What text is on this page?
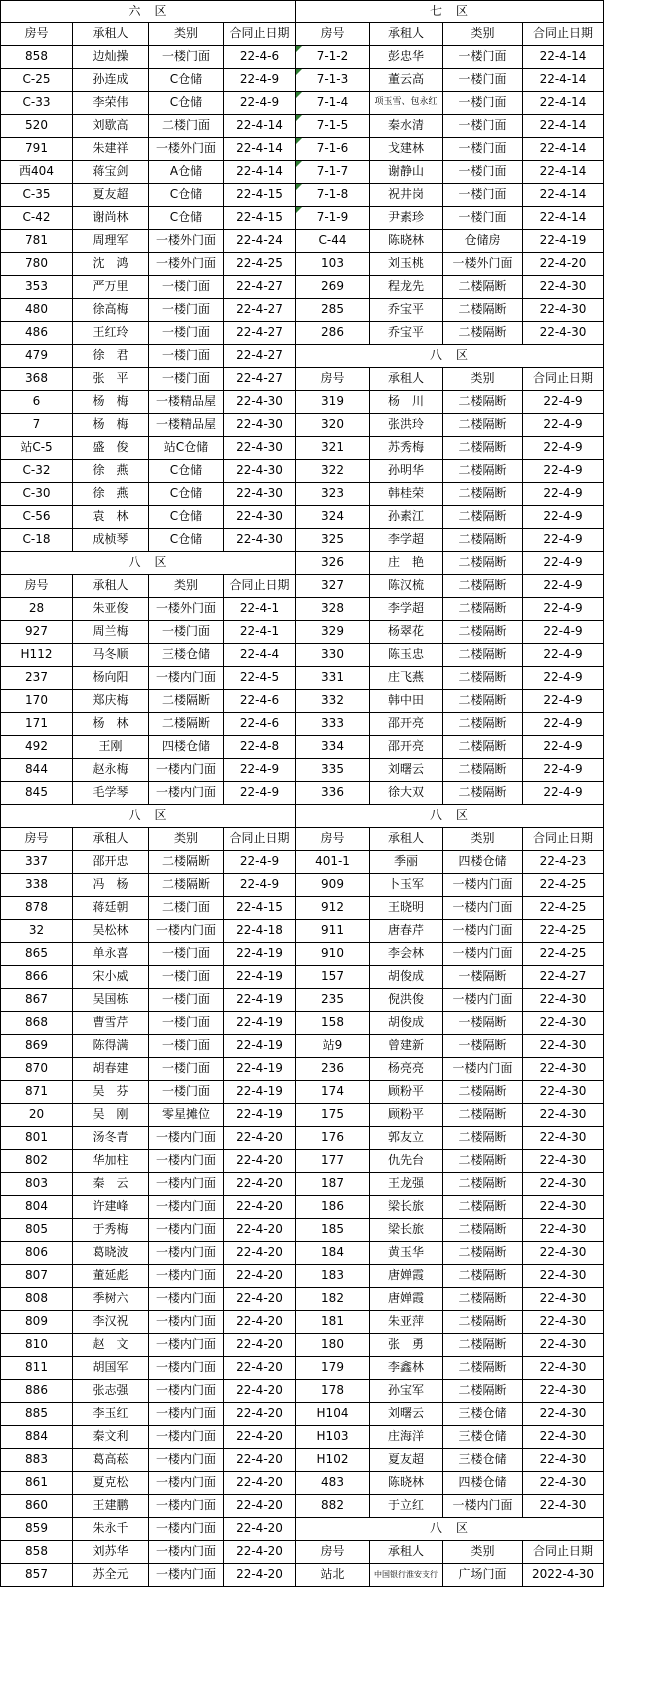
六　区	七　区
房号	承租人	类别	合同止日期	房号	承租人	类别	合同止日期
858	边灿操	一楼门面	22-4-6	7-1-2	彭忠华	一楼门面	22-4-14
C-25	孙连成	C仓储	22-4-9	7-1-3	董云高	一楼门面	22-4-14
C-33	李荣伟	C仓储	22-4-9	7-1-4	项玉雪、包永红	一楼门面	22-4-14
520	刘歇高	二楼门面	22-4-14	7-1-5	秦水清	一楼门面	22-4-14
791	朱建祥	一楼外门面	22-4-14	7-1-6	戈建林	一楼门面	22-4-14
西404	蒋宝剑	A仓储	22-4-14	7-1-7	谢静山	一楼门面	22-4-14
C-35	夏友超	C仓储	22-4-15	7-1-8	祝井岗	一楼门面	22-4-14
C-42	谢尚林	C仓储	22-4-15	7-1-9	尹素珍	一楼门面	22-4-14
781	周理军	一楼外门面	22-4-24	C-44	陈晓林	仓储房	22-4-19
780	沈　鸿	一楼外门面	22-4-25	103	刘玉桃	一楼外门面	22-4-20
353	严万里	一楼门面	22-4-27	269	程龙先	二楼隔断	22-4-30
480	徐高梅	一楼门面	22-4-27	285	乔宝平	二楼隔断	22-4-30
486	王红玲	一楼门面	22-4-27	286	乔宝平	二楼隔断	22-4-30
479	徐　君	一楼门面	22-4-27	八　区
368	张　平	一楼门面	22-4-27	房号	承租人	类别	合同止日期
6	杨　梅	一楼精品屋	22-4-30	319	杨　川	二楼隔断	22-4-9
7	杨　梅	一楼精品屋	22-4-30	320	张洪玲	二楼隔断	22-4-9
站C-5	盛　俊	站C仓储	22-4-30	321	苏秀梅	二楼隔断	22-4-9
C-32	徐　燕	C仓储	22-4-30	322	孙明华	二楼隔断	22-4-9
C-30	徐　燕	C仓储	22-4-30	323	韩桂荣	二楼隔断	22-4-9
C-56	袁　林	C仓储	22-4-30	324	孙素江	二楼隔断	22-4-9
C-18	成桢琴	C仓储	22-4-30	325	李学超	二楼隔断	22-4-9
八　区	326	庄　艳	二楼隔断	22-4-9
房号	承租人	类别	合同止日期	327	陈汉梳	二楼隔断	22-4-9
28	朱亚俊	一楼外门面	22-4-1	328	李学超	二楼隔断	22-4-9
927	周兰梅	一楼门面	22-4-1	329	杨翠花	二楼隔断	22-4-9
H112	马冬顺	三楼仓储	22-4-4	330	陈玉忠	二楼隔断	22-4-9
237	杨向阳	一楼内门面	22-4-5	331	庄飞燕	二楼隔断	22-4-9
170	郑庆梅	二楼隔断	22-4-6	332	韩中田	二楼隔断	22-4-9
171	杨　林	二楼隔断	22-4-6	333	邵开亮	二楼隔断	22-4-9
492	王刚	四楼仓储	22-4-8	334	邵开亮	二楼隔断	22-4-9
844	赵永梅	一楼内门面	22-4-9	335	刘曙云	二楼隔断	22-4-9
845	毛学琴	一楼内门面	22-4-9	336	徐大双	二楼隔断	22-4-9
八　区	八　区
房号	承租人	类别	合同止日期	房号	承租人	类别	合同止日期
337	邵开忠	二楼隔断	22-4-9	401-1	季丽	四楼仓储	22-4-23
338	冯　杨	二楼隔断	22-4-9	909	卜玉军	一楼内门面	22-4-25
878	蒋廷朝	二楼门面	22-4-15	912	王晓明	一楼内门面	22-4-25
32	吴松林	一楼内门面	22-4-18	911	唐春芹	一楼内门面	22-4-25
865	单永喜	一楼门面	22-4-19	910	李会林	一楼内门面	22-4-25
866	宋小威	一楼门面	22-4-19	157	胡俊成	一楼隔断	22-4-27
867	吴国栋	一楼门面	22-4-19	235	倪洪俊	一楼内门面	22-4-30
868	曹雪芹	一楼门面	22-4-19	158	胡俊成	一楼隔断	22-4-30
869	陈得满	一楼门面	22-4-19	站9	曾建新	一楼隔断	22-4-30
870	胡春建	一楼门面	22-4-19	236	杨亮亮	一楼内门面	22-4-30
871	吴　芬	一楼门面	22-4-19	174	顾粉平	二楼隔断	22-4-30
20	吴　刚	零星摊位	22-4-19	175	顾粉平	二楼隔断	22-4-30
801	汤冬青	一楼内门面	22-4-20	176	郭友立	二楼隔断	22-4-30
802	华加柱	一楼内门面	22-4-20	177	仇先台	二楼隔断	22-4-30
803	秦　云	一楼内门面	22-4-20	187	王龙强	二楼隔断	22-4-30
804	许建峰	一楼内门面	22-4-20	186	梁长旅	二楼隔断	22-4-30
805	于秀梅	一楼内门面	22-4-20	185	梁长旅	二楼隔断	22-4-30
806	葛晓波	一楼内门面	22-4-20	184	黄玉华	二楼隔断	22-4-30
807	董延彪	一楼内门面	22-4-20	183	唐婵霞	二楼隔断	22-4-30
808	季树六	一楼内门面	22-4-20	182	唐婵霞	二楼隔断	22-4-30
809	李汉祝	一楼内门面	22-4-20	181	朱亚萍	二楼隔断	22-4-30
810	赵　文	一楼内门面	22-4-20	180	张　勇	二楼隔断	22-4-30
811	胡国军	一楼内门面	22-4-20	179	李鑫林	二楼隔断	22-4-30
886	张志强	一楼内门面	22-4-20	178	孙宝军	二楼隔断	22-4-30
885	李玉红	一楼内门面	22-4-20	H104	刘曙云	三楼仓储	22-4-30
884	秦文利	一楼内门面	22-4-20	H103	庄海洋	三楼仓储	22-4-30
883	葛高菘	一楼内门面	22-4-20	H102	夏友超	三楼仓储	22-4-30
861	夏克松	一楼内门面	22-4-20	483	陈晓林	四楼仓储	22-4-30
860	王建鹏	一楼内门面	22-4-20	882	于立红	一楼内门面	22-4-30
859	朱永千	一楼内门面	22-4-20	八　区
858	刘苏华	一楼内门面	22-4-20	房号	承租人	类别	合同止日期
857	苏全元	一楼内门面	22-4-20	站北	中国银行淮安支行	广场门面	2022-4-30
